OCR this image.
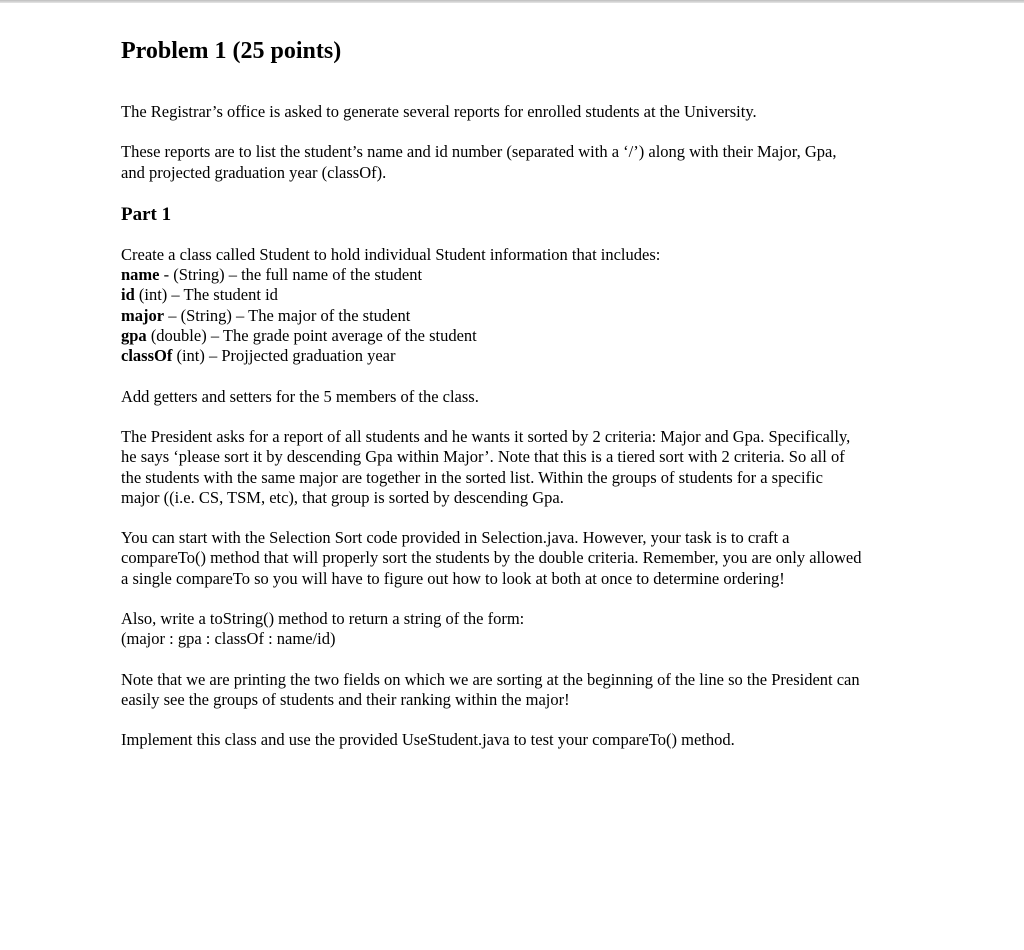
Problem 1 (25 points)

The Registrar’s office is asked to generate several reports for enrolled students at the University.

These reports are to list the student’s name and id number (separated with a ‘/’) along with their Major, Gpa,
and projected graduation year (classOf).
Part 1

Create a class called Student to hold individual Student information that includes:

name - (String) – the full name of the student
id (int) – The student id
major – (String) – The major of the student
gpa (double) – The grade point average of the student
classOf (int) – Projjected graduation year

Add getters and setters for the 5 members of the class.

The President asks for a report of all students and he wants it sorted by 2 criteria: Major and Gpa. Specifically,
he says ‘please sort it by descending Gpa within Major’. Note that this is a tiered sort with 2 criteria. So all of
the students with the same major are together in the sorted list. Within the groups of students for a specific
major ((i.e. CS, TSM, etc), that group is sorted by descending Gpa.
You can start with the Selection Sort code provided in Selection.java. However, your task is to craft a
compareTo() method that will properly sort the students by the double criteria. Remember, you are only allowed
a single compareTo so you will have to figure out how to look at both at once to determine ordering!
Also, write a toString() method to return a string of the form:
(major : gpa : classOf : name/id)
Note that we are printing the two fields on which we are sorting at the beginning of the line so the President can
easily see the groups of students and their ranking within the major!

Implement this class and use the provided UseStudent.java to test your compareTo() method.
